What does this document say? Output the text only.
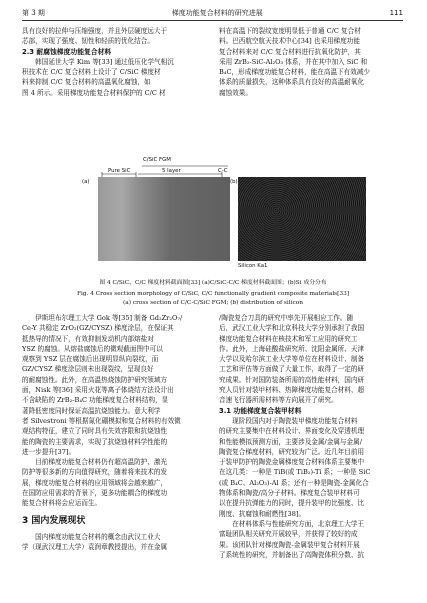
第 3 期	梯度功能复合材料的研究进展	111

具有良好的拉伸与压缩强度，并且外层硬度远大于

芯部，实现了强度、韧性和轻质的优化结合。

2.3 耐腐蚀梯度功能复合材料

　　韩国延世大学 Kim 等[33] 通过低压化学气相沉

积技术在 C/C 复合材料上设计了 C/SiC 梯度材

料来抑制 C/C 复合材料的高温氧化腐蚀，如

图 4 所示。采用梯度功能复合材料保护的 C/C 材

料在高温下的裂纹宽度明显低于普通 C/C 复合材

料。巴西航空航天技术中心[34] 也采用梯度功能

复合材料来对 C/C 复合材料进行抗氧化防护，其

采用 ZrB₂-SiC-Al₂O₃ 体系，并在其中加入 SiC 和

B₄C，形成梯度功能复合材料，能在高温下有效减少

体系的质量损失，这种体系具有良好的高温耐氧化

腐蚀效果。

C/SiC FGM
Pure SiC	5 layer	C-C
(a)	(b)
Silicon Ka1
图 4 C/SiC、C/C 梯度材料截面图[33] (a)C/SiC-C/C 梯度材料截面图；(b)Si 成分分布
Fig. 4 Cross section morphology of C/SiC, C/C functionally gradient composite materials[33]
(a) cross section of C/C-C/SiC FGM; (b) distribution of silicon

　　伊斯坦布尔理工大学 Gok 等[35] 制备 Gd₂Zr₂O₇/

Ce-Y 共稳定 ZrO₂(GZ/CYSZ) 梯度涂层，在保证其

抵热导的情况下，有效抑制发动机内部熔盐对

YSZ 的腐蚀。从熔盐腐蚀后的微观截面图中可以

观察到 YSZ 层在腐蚀后出现明显纵向裂纹，而

GZ/CYSZ 梯度涂层则未出现裂纹，呈现良好

的耐腐蚀性。此外，在高温热烧蚀防护研究领域方

面，Nisk 等[36] 采用火花等离子体烧结方法设计出

不含缺陷的 ZrB₂-B₄C 功能梯度复合材料结构，显

著降低密度同时保证高温抗烧蚀能力。意大利学

者 Silvestroni 等根据氮化硼模拟和复合材料的有效微

观结构特征，建立了同时具有失效容限和抗烧蚀性

能的陶瓷的主要需求，实现了抗烧蚀材料学性能的

进一步提升[37]。

　　目前梯度功能复合材料仍有超高温防护、激光

防护等很多新的方向值得研究，随着将来技术的发

展，梯度功能复合材料的应用领域将会越来越广，

在国防应用需求的背景下，更多功能耦合的梯度功

能复合材料将会应运而生。

3 国内发展现状

　　国内梯度功能复合材料的概念由武汉工业大

学（现武汉理工大学）袁润章教授提出，并在金属

/陶瓷复合刀具的研究中率先开展相应工作。随

后，武汉工业大学和北京科技大学分别承担了我国

梯度功能复合材料在核技术和军工应用的研究工

作。此外，上海硅酸盐研究所、沈阳金属所、天津

大学以及哈尔滨工业大学等单位在材料设计、制备

工艺和评估等方面做了大量工作，取得了一定的研

究成果。针对国防装备所需的高性能材料，国内研

究人员针对装甲材料、热障梯度功能复合材料、超

音速飞行器所需材料等方向展开了研究。

3.1 功能梯度复合装甲材料

　　现阶段国内对于陶瓷装甲梯度功能复合材料

的研究主要集中在材料设计、界面变化及穿透机理

和性能模拟预测方面，主要涉及金属/金属与金属/

陶瓷复合梯度材料，研究较为广泛。近几年目前用

于装甲防护的陶瓷金属梯度复合材料体系主要集中

在这几类：一种是 TiB(或 TiB₂)-Ti 系；一种是 SiC

(或 B₄C、Al₂O₃)-Al 系；还有一种是陶瓷-金属化合

物体系和陶瓷/高分子材料。梯度复合装甲材料可

以在提升抗弹能力的同时，提升装甲的比强度、比

刚度、抗腐蚀和耐燃性[38]。

　　在材料体系与性能研究方面，北京理工大学王

富耻团队相关研究开展较早，并获得了较好的成

果。该团队针对梯度陶瓷-金属装甲复合材料开展

了系统性的研究，并制备出了高陶瓷体积分数、抗
